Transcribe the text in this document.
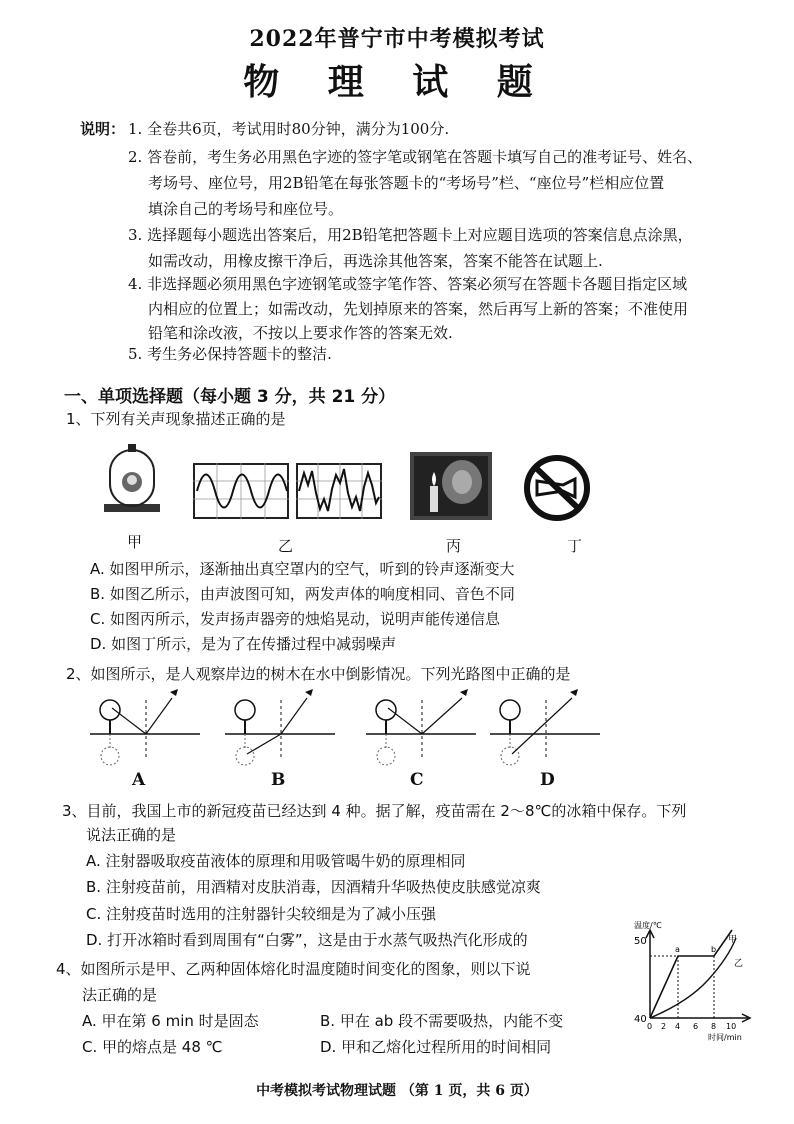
2022年普宁市中考模拟考试
物 理 试 题
说明： 1. 全卷共6页，考试用时80分钟，满分为100分.
2. 答卷前，考生务必用黑色字迹的签字笔或钢笔在答题卡填写自己的准考证号、姓名、
考场号、座位号，用2B铅笔在每张答题卡的“考场号”栏、“座位号”栏相应位置
填涂自己的考场号和座位号。
3. 选择题每小题选出答案后，用2B铅笔把答题卡上对应题目选项的答案信息点涂黑，
如需改动，用橡皮擦干净后，再选涂其他答案，答案不能答在试题上.
4. 非选择题必须用黑色字迹钢笔或签字笔作答、答案必须写在答题卡各题目指定区域
内相应的位置上；如需改动，先划掉原来的答案，然后再写上新的答案；不准使用
铅笔和涂改液，不按以上要求作答的答案无效.
5. 考生务必保持答题卡的整洁.
一、单项选择题（每小题 3 分，共 21 分）
1、下列有关声现象描述正确的是
甲	乙	丙	丁
A. 如图甲所示，逐渐抽出真空罩内的空气，听到的铃声逐渐变大
B. 如图乙所示，由声波图可知，两发声体的响度相同、音色不同
C. 如图丙所示，发声扬声器旁的烛焰晃动，说明声能传递信息
D. 如图丁所示，是为了在传播过程中减弱噪声
2、如图所示，是人观察岸边的树木在水中倒影情况。下列光路图中正确的是
A	B	C	D
3、目前，我国上市的新冠疫苗已经达到 4 种。据了解，疫苗需在 2～8℃的冰箱中保存。下列
说法正确的是
A. 注射器吸取疫苗液体的原理和用吸管喝牛奶的原理相同
B. 注射疫苗前，用酒精对皮肤消毒，因酒精升华吸热使皮肤感觉凉爽
C. 注射疫苗时选用的注射器针尖较细是为了减小压强
D. 打开冰箱时看到周围有“白雾”，这是由于水蒸气吸热汽化形成的
4、如图所示是甲、乙两种固体熔化时温度随时间变化的图象，则以下说
法正确的是
A. 甲在第 6 min 时是固态	B. 甲在 ab 段不需要吸热，内能不变
C. 甲的熔点是 48 ℃	D. 甲和乙熔化过程所用的时间相同
温度/℃
时间/min
50
40
0 2 4 6 8 10
a	b
甲
乙
中考模拟考试物理试题 （第 1 页，共 6 页）
